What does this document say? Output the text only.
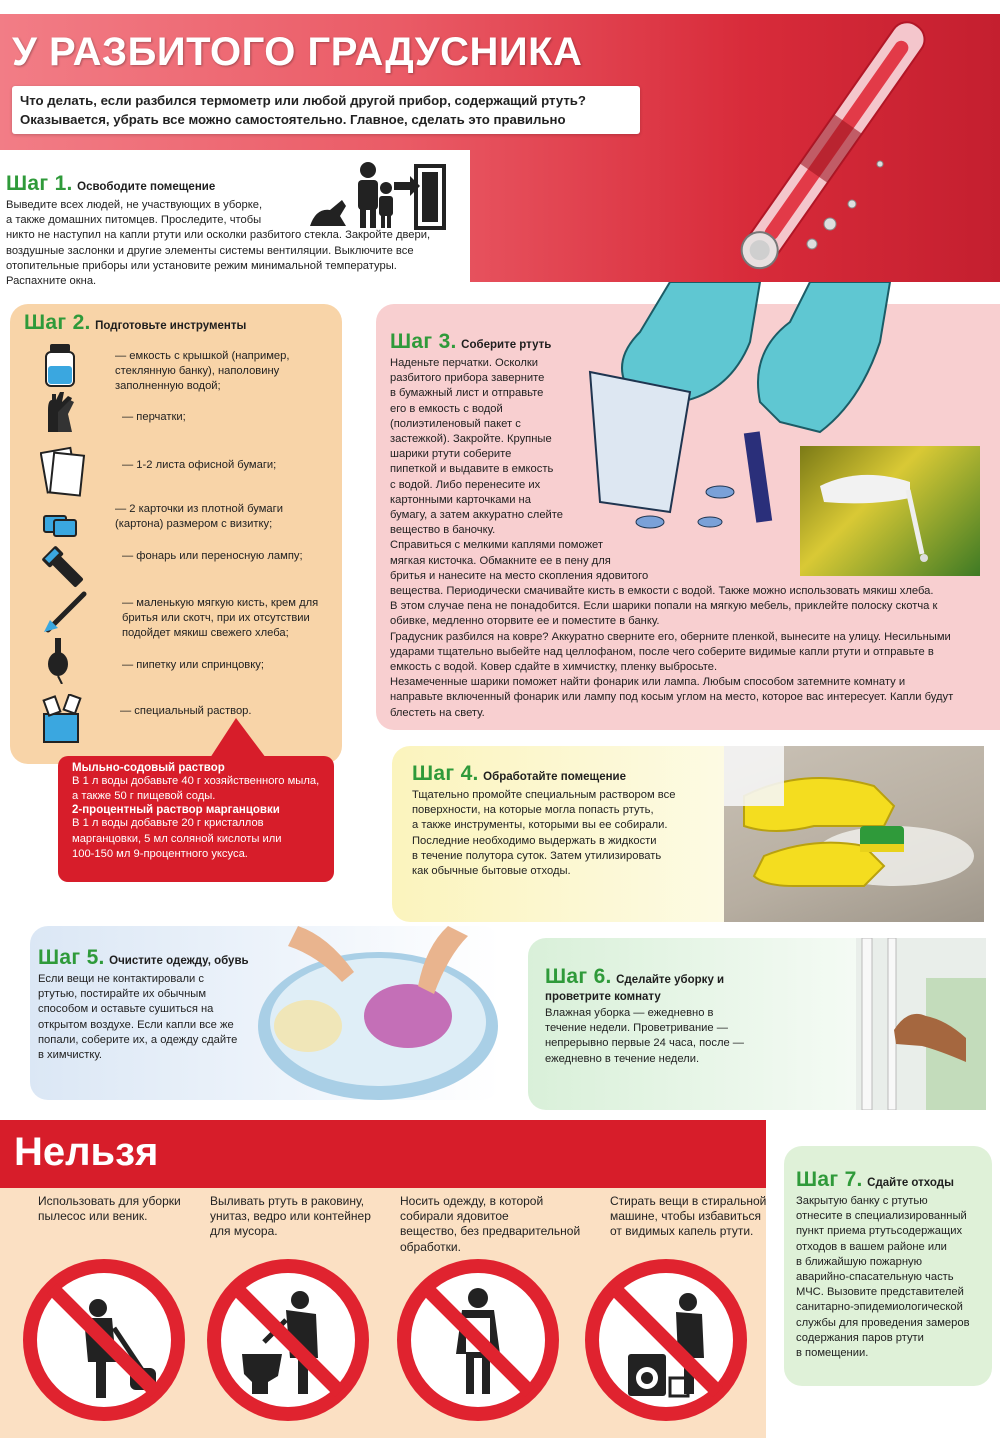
У РАЗБИТОГО ГРАДУСНИКА
Что делать, если разбился термометр или любой другой прибор, содержащий ртуть?
Оказывается, убрать все можно самостоятельно. Главное, сделать это правильно
Шаг 1. Освободите помещение
Выведите всех людей, не участвующих в уборке,
а также домашних питомцев. Проследите, чтобы
никто не наступил на капли ртути или осколки разбитого стекла. Закройте двери,
воздушные заслонки и другие элементы системы вентиляции. Выключите все
отопительные приборы или установите режим минимальной температуры.
Распахните окна.
Шаг 2. Подготовьте инструменты
— емкость с крышкой (например, стеклянную банку), наполовину заполненную водой;
— перчатки;
— 1-2 листа офисной бумаги;
— 2 карточки из плотной бумаги (картона) размером с визитку;
— фонарь или переносную лампу;
— маленькую мягкую кисть, крем для бритья или скотч, при их отсутствии подойдет мякиш свежего хлеба;
— пипетку или спринцовку;
— специальный раствор.
Мыльно-содовый раствор
В 1 л воды добавьте 40 г хозяйственного мыла,
а также 50 г пищевой соды.
2-процентный раствор марганцовки
В 1 л воды добавьте 20 г кристаллов
марганцовки, 5 мл соляной кислоты или
100-150 мл 9-процентного уксуса.
Шаг 3. Соберите ртуть
Наденьте перчатки. Осколки
разбитого прибора заверните
в бумажный лист и отправьте
его в емкость с водой
(полиэтиленовый пакет с
застежкой). Закройте. Крупные
шарики ртути соберите
пипеткой и выдавите в емкость
с водой. Либо перенесите их
картонными карточками на
бумагу, а затем аккуратно слейте
вещество в баночку.
Справиться с мелкими каплями поможет
мягкая кисточка. Обмакните ее в пену для
бритья и нанесите на место скопления ядовитого
вещества. Периодически смачивайте кисть в емкости с водой. Также можно использовать мякиш хлеба.
В этом случае пена не понадобится. Если шарики попали на мягкую мебель, приклейте полоску скотча к
обивке, медленно оторвите ее и поместите в банку.
Градусник разбился на ковре? Аккуратно сверните его, оберните пленкой, вынесите на улицу. Несильными
ударами тщательно выбейте над целлофаном, после чего соберите видимые капли ртути и отправьте в
емкость с водой. Ковер сдайте в химчистку, пленку выбросьте.
Незамеченные шарики поможет найти фонарик или лампа. Любым способом затемните комнату и
направьте включенный фонарик или лампу под косым углом на место, которое вас интересует. Капли будут
блестеть на свету.
Шаг 4. Обработайте помещение
Тщательно промойте специальным раствором все
поверхности, на которые могла попасть ртуть,
а также инструменты, которыми вы ее собирали.
Последние необходимо выдержать в жидкости
в течение полутора суток. Затем утилизировать
как обычные бытовые отходы.
Шаг 5. Очистите одежду, обувь
Если вещи не контактировали с
ртутью, постирайте их обычным
способом и оставьте сушиться на
открытом воздухе. Если капли все же
попали, соберите их, а одежду сдайте
в химчистку.
Шаг 6. Сделайте уборку и
проветрите комнату
Влажная уборка — ежедневно в
течение недели. Проветривание —
непрерывно первые 24 часа, после —
ежедневно в течение недели.
Нельзя
Использовать для уборки
пылесос или веник.
Выливать ртуть в раковину,
унитаз, ведро или контейнер
для мусора.
Носить одежду, в которой
собирали ядовитое
вещество, без предварительной
обработки.
Стирать вещи в стиральной
машине, чтобы избавиться
от видимых капель ртути.
Шаг 7. Сдайте отходы
Закрытую банку с ртутью
отнесите в специализированный
пункт приема ртутьсодержащих
отходов в вашем районе или
в ближайшую пожарную
аварийно-спасательную часть
МЧС. Вызовите представителей
санитарно-эпидемиологической
службы для проведения замеров
содержания паров ртути
в помещении.
